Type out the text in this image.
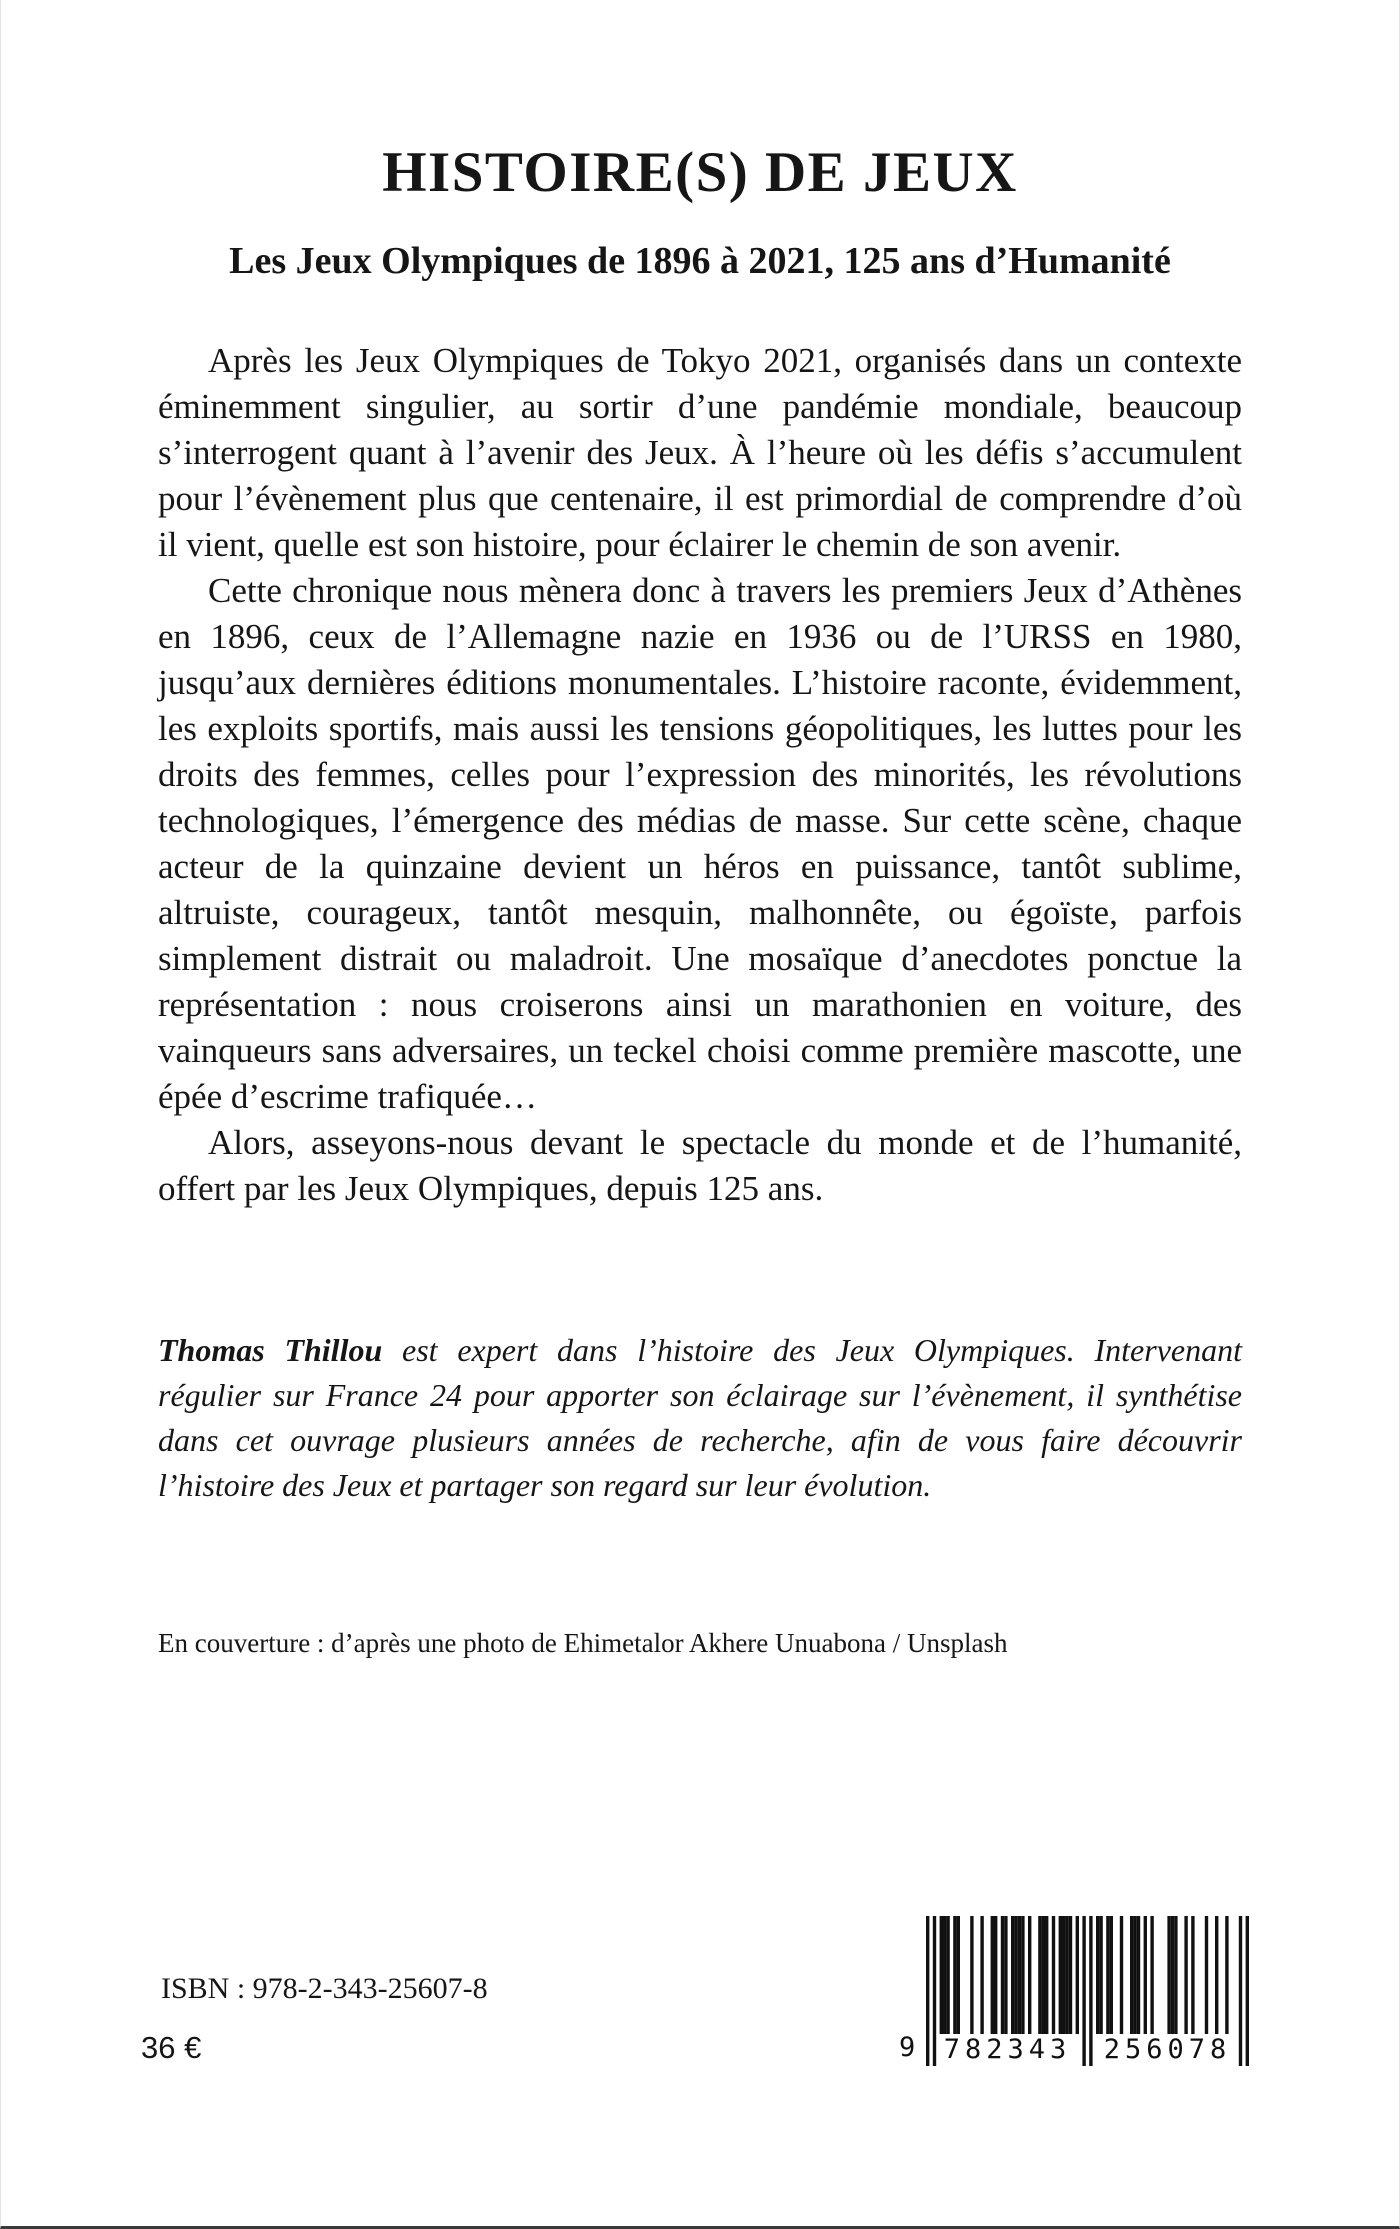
HISTOIRE(S) DE JEUX
Les Jeux Olympiques de 1896 à 2021, 125 ans d’Humanité

Après les Jeux Olympiques de Tokyo 2021, organisés dans un contexte éminemment singulier, au sortir d’une pandémie mondiale, beaucoup s’interrogent quant à l’avenir des Jeux. À l’heure où les défis s’accumulent pour l’évènement plus que centenaire, il est primordial de comprendre d’où il vient, quelle est son histoire, pour éclairer le chemin de son avenir.

Cette chronique nous mènera donc à travers les premiers Jeux d’Athènes en 1896, ceux de l’Allemagne nazie en 1936 ou de l’URSS en 1980, jusqu’aux dernières éditions monumentales. L’histoire raconte, évidemment, les exploits sportifs, mais aussi les tensions géopolitiques, les luttes pour les droits des femmes, celles pour l’expression des minorités, les révolutions technologiques, l’émergence des médias de masse. Sur cette scène, chaque acteur de la quinzaine devient un héros en puissance, tantôt sublime, altruiste, courageux, tantôt mesquin, malhonnête, ou égoïste, parfois simplement distrait ou maladroit. Une mosaïque d’anecdotes ponctue la représentation : nous croiserons ainsi un marathonien en voiture, des vainqueurs sans adversaires, un teckel choisi comme première mascotte, une épée d’escrime trafiquée…

Alors, asseyons-nous devant le spectacle du monde et de l’humanité, offert par les Jeux Olympiques, depuis 125 ans.

Thomas Thillou est expert dans l’histoire des Jeux Olympiques. Intervenant régulier sur France 24 pour apporter son éclairage sur l’évènement, il synthétise dans cet ouvrage plusieurs années de recherche, afin de vous faire découvrir l’histoire des Jeux et partager son regard sur leur évolution.
En couverture : d’après une photo de Ehimetalor Akhere Unuabona / Unsplash
ISBN : 978-2-343-25607-8
36 €	9 782343 256078
